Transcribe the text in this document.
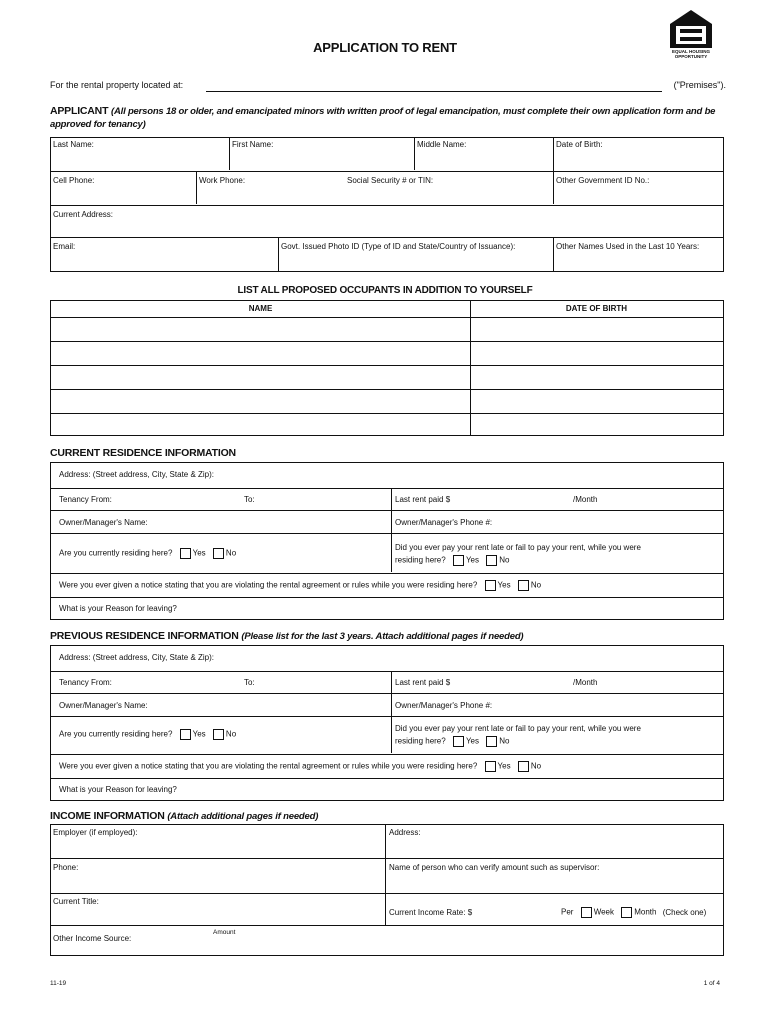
EQUAL HOUSING OPPORTUNITY
APPLICATION TO RENT
For the rental property located at:	("Premises").
APPLICANT (All persons 18 or older, and emancipated minors with written proof of legal emancipation, must complete their own application form and be approved for tenancy)
Last Name:	First Name:	Middle Name:	Date of Birth:
Cell Phone:	Work Phone:	Social Security # or TIN:	Other Government ID No.:
Current Address:
Email:	Govt. Issued Photo ID (Type of ID and State/Country of Issuance):	Other Names Used in the Last 10 Years:
LIST ALL PROPOSED OCCUPANTS IN ADDITION TO YOURSELF
NAME	DATE OF BIRTH
CURRENT RESIDENCE INFORMATION
Address: (Street address, City, State & Zip):
Tenancy From:	To:	Last rent paid $	/Month
Owner/Manager's Name:	Owner/Manager's Phone #:
Are you currently residing here?	Yes	No
Did you ever pay your rent late or fail to pay your rent, while you were
residing here?	Yes	No
Were you ever given a notice stating that you are violating the rental agreement or rules while you were residing here?	Yes	No
What is your Reason for leaving?
PREVIOUS RESIDENCE INFORMATION (Please list for the last 3 years. Attach additional pages if needed)
Address: (Street address, City, State & Zip):
Tenancy From:	To:	Last rent paid $	/Month
Owner/Manager's Name:	Owner/Manager's Phone #:
Are you currently residing here?	Yes	No
Did you ever pay your rent late or fail to pay your rent, while you were
residing here?	Yes	No
Were you ever given a notice stating that you are violating the rental agreement or rules while you were residing here?	Yes	No
What is your Reason for leaving?
INCOME INFORMATION (Attach additional pages if needed)
Employer (if employed):	Address:
Phone:	Name of person who can verify amount such as supervisor:
Current Title:
Current Income Rate: $	Per	Week	Month (Check one)
Other Income Source:
Amount
11-19	1 of 4
